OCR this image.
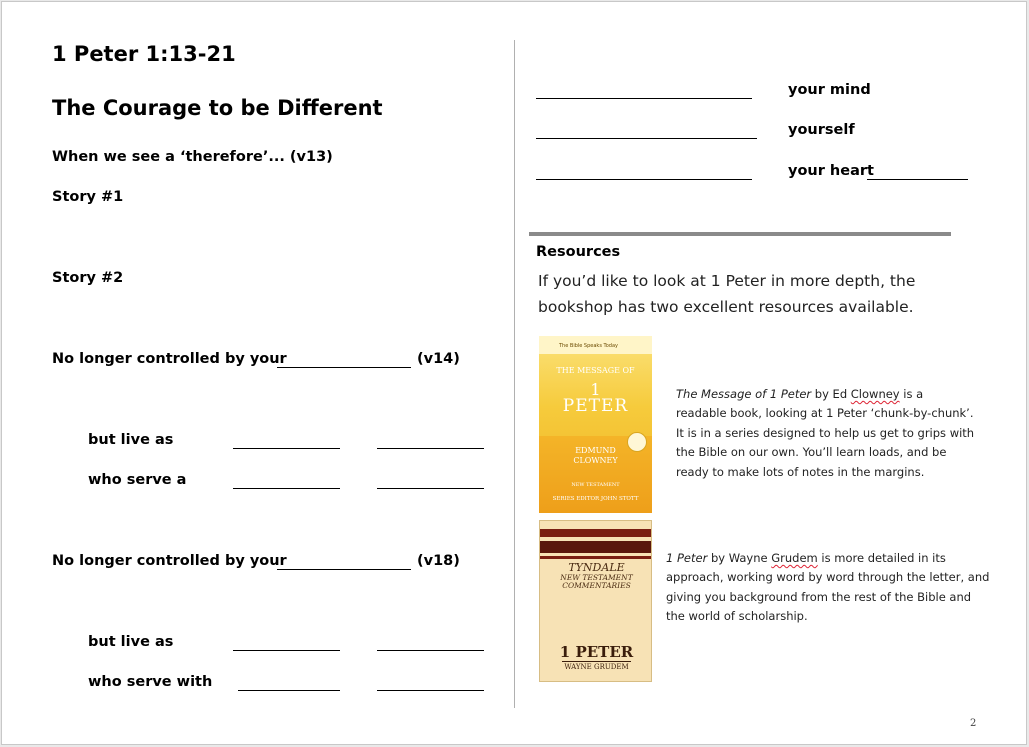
1 Peter 1:13-21
The Courage to be Different
When we see a ‘therefore’... (v13)
Story #1
Story #2
No longer controlled by your	(v14)
but live as
who serve a
No longer controlled by your	(v18)
but live as
who serve with
your mind
yourself
your heart
Resources
If you’d like to look at 1 Peter in more depth, the bookshop has two excellent resources available.
The Bible Speaks Today
THE MESSAGE OF
1
PETER
EDMUND
CLOWNEY
NEW TESTAMENT
SERIES EDITOR JOHN STOTT
The Message of 1 Peter by Ed Clowney is a readable book, looking at 1 Peter ‘chunk-by-chunk’. It is in a series designed to help us get to grips with the Bible on our own. You’ll learn loads, and be ready to make lots of notes in the margins.
TYNDALE
NEW TESTAMENT
COMMENTARIES
1 PETER
WAYNE GRUDEM
1 Peter by Wayne Grudem is more detailed in its approach, working word by word through the letter, and giving you background from the rest of the Bible and the world of scholarship.
2
